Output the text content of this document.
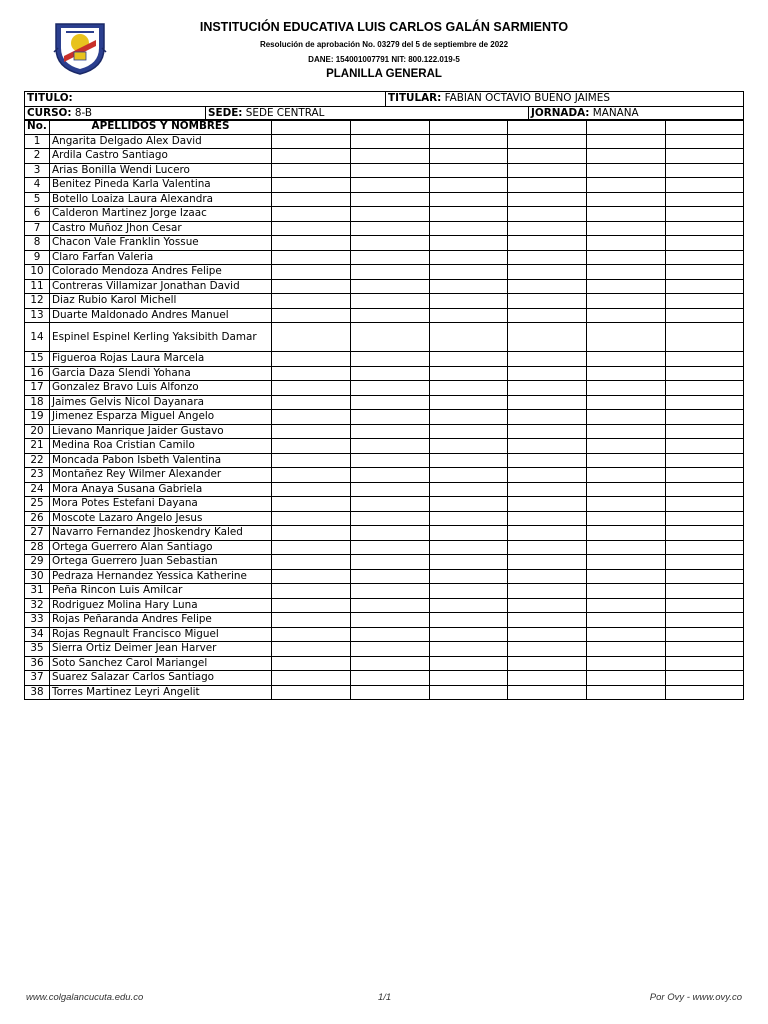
INSTITUCIÓN EDUCATIVA LUIS CARLOS GALÁN SARMIENTO
Resolución de aprobación No. 03279 del 5 de septiembre de 2022
DANE: 154001007791 NIT: 800.122.019-5
PLANILLA GENERAL
TITULO:		TITULAR: FABIAN OCTAVIO BUENO JAIMES	
CURSO: 8-B	SEDE: SEDE CENTRAL		JORNADA: MAÑANA
No.	APELLIDOS Y NOMBRES						
1	Angarita Delgado Alex David						
2	Ardila Castro Santiago						
3	Arias Bonilla Wendi Lucero						
4	Benitez Pineda Karla Valentina						
5	Botello Loaiza Laura Alexandra						
6	Calderon Martinez Jorge Izaac						
7	Castro Muñoz Jhon Cesar						
8	Chacon Vale Franklin Yossue						
9	Claro Farfan Valeria						
10	Colorado Mendoza Andres Felipe						
11	Contreras Villamizar Jonathan David						
12	Diaz Rubio Karol Michell						
13	Duarte Maldonado Andres Manuel						
14	Espinel Espinel Kerling Yaksibith Damar						
15	Figueroa Rojas Laura Marcela						
16	Garcia Daza Slendi Yohana						
17	Gonzalez Bravo Luis Alfonzo						
18	Jaimes Gelvis Nicol Dayanara						
19	Jimenez Esparza Miguel Angelo						
20	Lievano Manrique Jaider Gustavo						
21	Medina Roa Cristian Camilo						
22	Moncada Pabon Isbeth Valentina						
23	Montañez Rey Wilmer Alexander						
24	Mora Anaya Susana Gabriela						
25	Mora Potes Estefani Dayana						
26	Moscote Lazaro Angelo Jesus						
27	Navarro Fernandez Jhoskendry Kaled						
28	Ortega Guerrero Alan Santiago						
29	Ortega Guerrero Juan Sebastian						
30	Pedraza Hernandez Yessica Katherine						
31	Peña Rincon Luis Amilcar						
32	Rodriguez Molina Hary Luna						
33	Rojas Peñaranda Andres Felipe						
34	Rojas Regnault Francisco Miguel						
35	Sierra Ortiz Deimer Jean Harver						
36	Soto Sanchez Carol Mariangel						
37	Suarez Salazar Carlos Santiago						
38	Torres Martinez Leyri Angelit						
www.colgalancucuta.edu.co	1/1	Por Ovy - www.ovy.co
